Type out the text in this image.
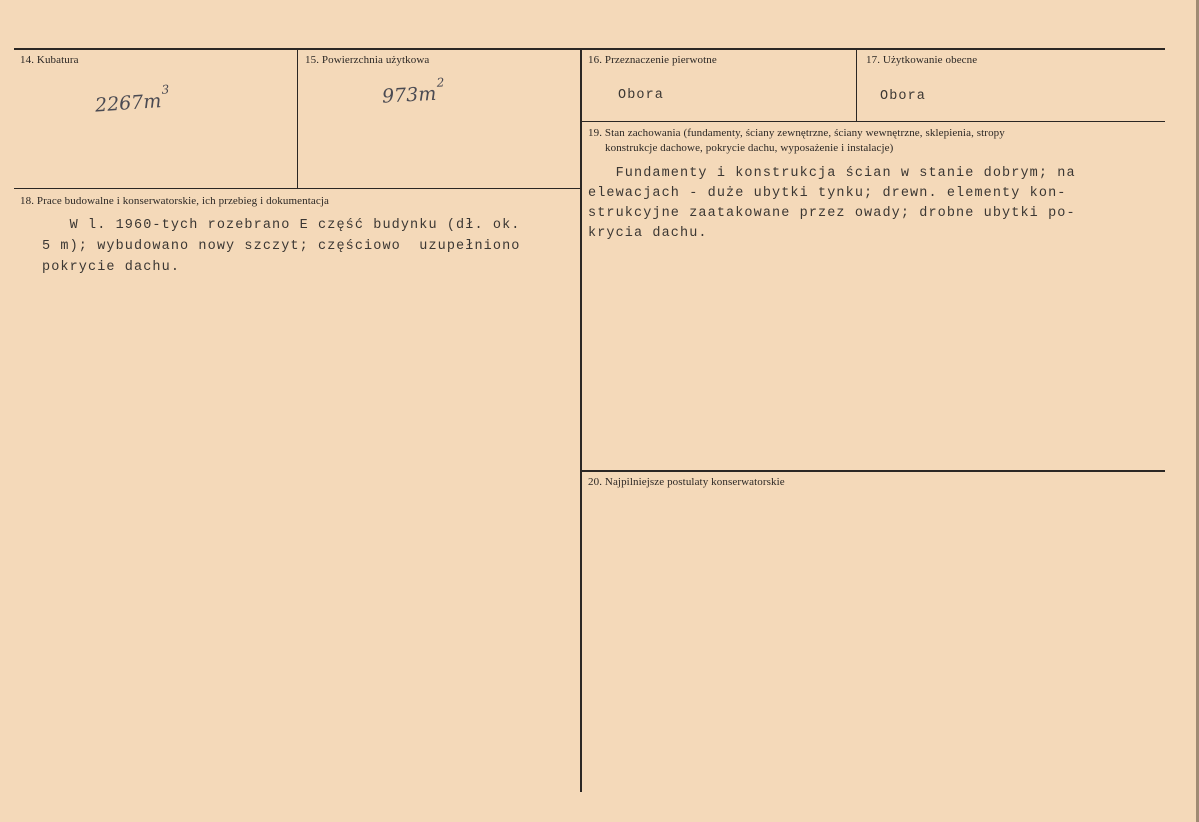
14. Kubatura
$2267m^3$
15. Powierzchnia użytkowa
$973m^2$
16. Przeznaczenie pierwotne
Obora
17. Użytkowanie obecne
Obora
18. Prace budowalne i konserwatorskie, ich przebieg i dokumentacja
W l. 1960-tych rozebrano E część budynku (dł. ok.
5 m); wybudowano nowy szczyt; częściowo  uzupełniono
pokrycie dachu.
19. Stan zachowania (fundamenty, ściany zewnętrzne, ściany wewnętrzne, sklepienia, stropy
konstrukcje dachowe, pokrycie dachu, wyposażenie i instalacje)
Fundamenty i konstrukcja ścian w stanie dobrym; na
elewacjach - duże ubytki tynku; drewn. elementy kon-
strukcyjne zaatakowane przez owady; drobne ubytki po-
krycia dachu.
20. Najpilniejsze postulaty konserwatorskie
